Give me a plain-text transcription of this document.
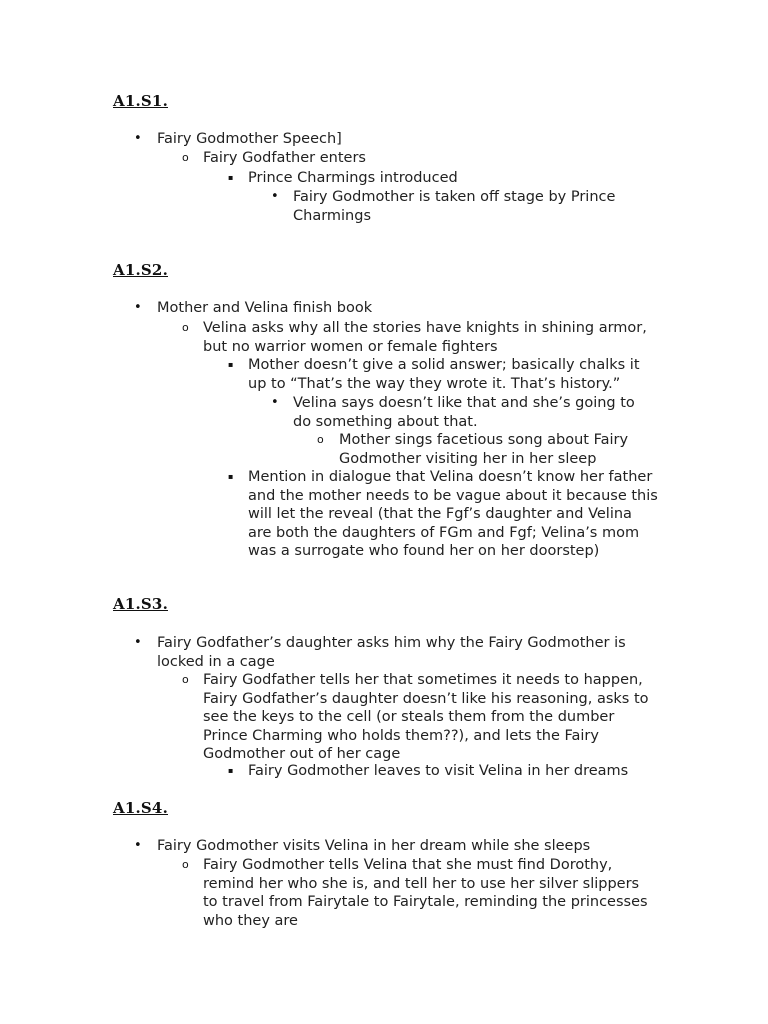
A1.S1.
• Fairy Godmother Speech]
o Fairy Godfather enters
▪ Prince Charmings introduced
• Fairy Godmother is taken off stage by Prince Charmings
A1.S2.
• Mother and Velina finish book
o Velina asks why all the stories have knights in shining armor, but no warrior women or female fighters
▪ Mother doesn’t give a solid answer; basically chalks it up to “That’s the way they wrote it. That’s history.”
• Velina says doesn’t like that and she’s going to do something about that.
o Mother sings facetious song about Fairy Godmother visiting her in her sleep
▪ Mention in dialogue that Velina doesn’t know her father and the mother needs to be vague about it because this will let the reveal (that the Fgf’s daughter and Velina are both the daughters of FGm and Fgf; Velina’s mom was a surrogate who found her on her doorstep)
A1.S3.
• Fairy Godfather’s daughter asks him why the Fairy Godmother is locked in a cage
o Fairy Godfather tells her that sometimes it needs to happen, Fairy Godfather’s daughter doesn’t like his reasoning, asks to see the keys to the cell (or steals them from the dumber Prince Charming who holds them??), and lets the Fairy Godmother out of her cage
▪ Fairy Godmother leaves to visit Velina in her dreams
A1.S4.
• Fairy Godmother visits Velina in her dream while she sleeps
o Fairy Godmother tells Velina that she must find Dorothy, remind her who she is, and tell her to use her silver slippers to travel from Fairytale to Fairytale, reminding the princesses who they are
